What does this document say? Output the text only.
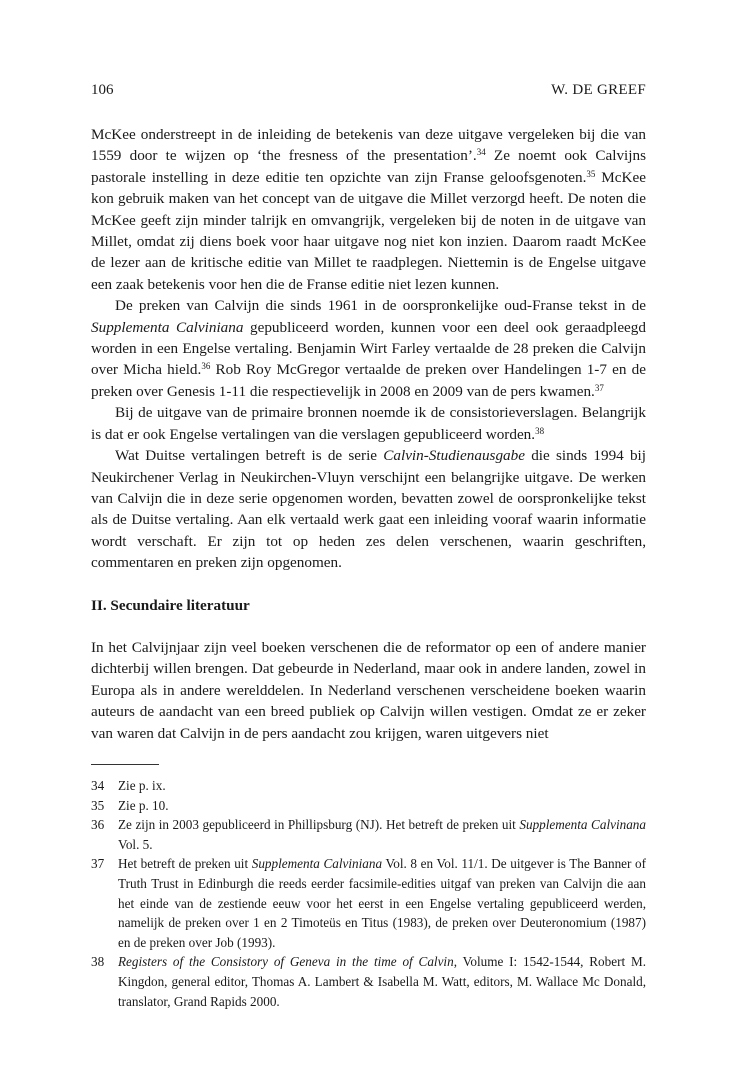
106	W. DE GREEF

McKee onderstreept in de inleiding de betekenis van deze uitgave vergeleken bij die van 1559 door te wijzen op ‘the fresness of the presentation’.$^{34}$ Ze noemt ook Calvijns pastorale instelling in deze editie ten opzichte van zijn Franse geloofsgenoten.$^{35}$ McKee kon gebruik maken van het concept van de uitgave die Millet verzorgd heeft. De noten die McKee geeft zijn minder talrijk en omvangrijk, vergeleken bij de noten in de uitgave van Millet, omdat zij diens boek voor haar uitgave nog niet kon inzien. Daarom raadt McKee de lezer aan de kritische editie van Millet te raadplegen. Niettemin is de Engelse uitgave een zaak betekenis voor hen die de Franse editie niet lezen kunnen.

De preken van Calvijn die sinds 1961 in de oorspronkelijke oud-Franse tekst in de Supplementa Calviniana gepubliceerd worden, kunnen voor een deel ook geraadpleegd worden in een Engelse vertaling. Benjamin Wirt Farley vertaalde de 28 preken die Calvijn over Micha hield.$^{36}$ Rob Roy McGregor vertaalde de preken over Handelingen 1-7 en de preken over Genesis 1-11 die respectievelijk in 2008 en 2009 van de pers kwamen.$^{37}$

Bij de uitgave van de primaire bronnen noemde ik de consistorieverslagen. Belangrijk is dat er ook Engelse vertalingen van die verslagen gepubliceerd worden.$^{38}$

Wat Duitse vertalingen betreft is de serie Calvin-Studienausgabe die sinds 1994 bij Neukirchener Verlag in Neukirchen-Vluyn verschijnt een belangrijke uitgave. De werken van Calvijn die in deze serie opgenomen worden, bevatten zowel de oorspronkelijke tekst als de Duitse vertaling. Aan elk vertaald werk gaat een inleiding vooraf waarin informatie wordt verschaft. Er zijn tot op heden zes delen verschenen, waarin geschriften, commentaren en preken zijn opgenomen.

II. Secundaire literatuur

In het Calvijnjaar zijn veel boeken verschenen die de reformator op een of andere manier dichterbij willen brengen. Dat gebeurde in Nederland, maar ook in andere landen, zowel in Europa als in andere werelddelen. In Nederland verschenen verscheidene boeken waarin auteurs de aandacht van een breed publiek op Calvijn willen vestigen. Omdat ze er zeker van waren dat Calvijn in de pers aandacht zou krijgen, waren uitgevers niet

34 Zie p. ix.

35 Zie p. 10.

36 Ze zijn in 2003 gepubliceerd in Phillipsburg (NJ). Het betreft de preken uit Supplementa Calvinana Vol. 5.

37 Het betreft de preken uit Supplementa Calviniana Vol. 8 en Vol. 11/1. De uitgever is The Banner of Truth Trust in Edinburgh die reeds eerder facsimile-edities uitgaf van preken van Calvijn die aan het einde van de zestiende eeuw voor het eerst in een Engelse vertaling gepubliceerd werden, namelijk de preken over 1 en 2 Timoteüs en Titus (1983), de preken over Deuteronomium (1987) en de preken over Job (1993).

38 Registers of the Consistory of Geneva in the time of Calvin, Volume I: 1542-1544, Robert M. Kingdon, general editor, Thomas A. Lambert & Isabella M. Watt, editors, M. Wallace Mc Donald, translator, Grand Rapids 2000.
